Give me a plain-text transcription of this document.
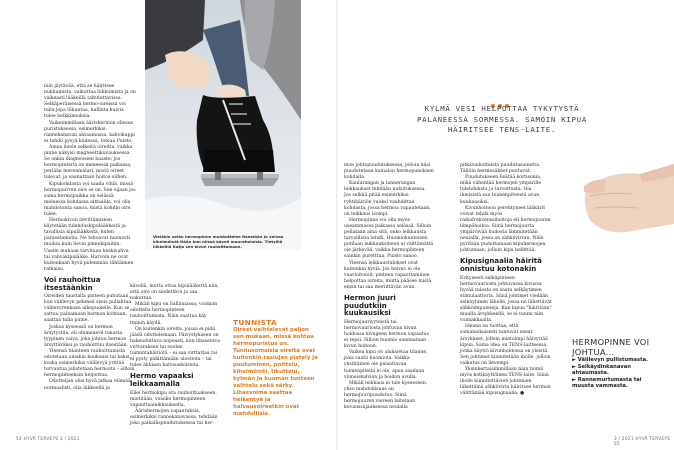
Vieläkin selän hermopinne muistuttelee itsestään ja vaivaa kihelmöivät itään kun niissä käveli muuraholaisia. Tietyillä liikkeillä Katja sen kivun rauhoittamaan.

niin jäytävää, että se häiritsee nukkumista, vaikuttaa liikkumista ja on vaikeasti lääkeillä taltutettavissa. Selkäperäisessä hermo-oireissa voi tulla jopa liikuntaa, hallinta kuivia tulee helkkineuksia.

Vaikeimmillaan äärishermon ollessa puristuksessa, esimerkiksi rannekanavan ahtaumassa, kahvikuppi ei tahdo pysyä kädessä, toteaa Puisto.

Ainoa itsele selkeitä oireitta, vaikka pinne näkyisi magneettikuvauksessa. Se onkin diagnoosien haaste: jos hermopinteitä on meneessä paikassa, periään merenmalari, mistä oireet tulevat, ja saunattaan hoitoa siihen.

Kipukohdasta voi saada vihiä, missä hermopuirren oire se on. Sen sijaan jos sama hermopuikka on selässä meinessa kohdassa alttaaiila, voi olla mahdotonta sanoa, mistä kohdin oire tulee.

Hermokivun lievittämiseen käytetään tulehduskipulääkkeitä ja tavallisia kipulääkkeitä, kuten parasetamolia. Ne tehoavat huonosti muihin kuin lievin pinnekipuihin. Useim mukaan tarvitaan keskivahva tai vahvakipulääke. Harvoin ne ovat kuitenkaan hyvä pidemmän tähtäimen ratkaisu.

Voi rauhoittua itsestäänkin

Oireiden taustalla pinteen puhutaan, kun välilevyn pehmeä sisus pullahtaa välilevyrenkaan ulkopuolelle. Kun se sattuu painamaan hermon kohtaan, saattaa tulla pinne.

Joskus kyseessä on hermon ärsytystila, eli ohimenevä tukasta tyypinen vaiva, joka johtuu hermon ärsyttäväksi ja rauhoittuu itsestään.

Yleensä tilanteen rauhoittumista odotetaan ainakin kuukausi tai kaksi, koska esimerkiksi välilevyä yrittää turvautua julistetaan hermoita – silloin hermopinteeksin helpottua.

Odotteljan olisi hyvä jatkaa elämää normaalisti, olla liikkeellä ja

kävellä, mutta ottaa kipulääkettä niin, että oire on siedettävä ja saa nukuttua.

Mikäli kipu on hallinnassa, voidaan odottella hermopinteen rauhoittumista. Näin saattaa käy tminin käydä.

On kuitenkin oireita, joissa ei pidä jäädä odottelemaan. Päivystykseen on hakeuduttava nopeasti, kun lihasentva virttaraksen tai suolen toimintahäiriötä – ei saa virttattaa tai ei pysty pidättämään ulosteita – tai tulee äkkisen halvauskoireita.

Hermo vapaaksi leikkaamalla

Ellei hermokipu ota rauhoittuakseen, mietitään, voisiko hermopinteen vapauttaaleikkauksella.

Äärishermojen vapautuksia, esimerkiksi rannekanavassa, tehdään joko paikallispuudutuksessa tai her-

TUNNISTA
Oireet vaihtelevat paljon sen mukaan, missä kohtaa hermopuristus on. Tunnusomaisia oireita ovat kuitenkin rasiujen pistely ja puutuminen, polttelu, kihelmöinti, tikuttelu, kylmän ja kuuman tunteen vaihtelu sekä särky. Lihasvoima saattaa heikentyä ja halvausoireetkin ovat mahdollisia.
54 HYVÄ TERVEYS 3 / 2021
KYLMÄ VESI HELPOTTAA TYKYTYSTÄ PALANEESSA SORMESSA. SAMOIN KIPUA HÄIRITSEE TENS-LAITE.

mon johtopuudutuksessa, jolloin käsi puudutetaan kainalon hermopunoksen kohdalla.

Kaularangan ja lannerangan leikkaukset tehdään nukutuksessa. Jos selkää pitää esimerkiksi ryhtihäiriön vuoksi vauhdittaa kohdasta, jossa hermoa vapautetaan, on leikkaus isompi.

Hermopinne voi olla myös useammassa paikassa selässä. Silloin pellataan aina sitä, onko leikkausta tarvaillista tehdä. Huomiokuntoisen potilaan leikkauksineen ei välttämättä ole järkevää, vaikka hermopinteen sainkin puretttua, Puisto sanoo.

Yleensä leikkaustulokset ovat kuitenkin hyviä. Jos hermo ei ole vaurioitunut, pinteen vapauttaminen helpottaa oireita, mutta pääsee mistä ensin tai saa meriittävän avun.

Hermon juuri puudutkiin kuukausiksi

Hermojuuriyyteistä tai hermovauriosta johtuvan kivun hoidossa kivugeen hermon vapautus ei tepsi. Silloin huomio suunnataan kivun hoitoon.

Vaikea kipu on aluksietaa tilanne, joka vaatii huomiota. Vaikka yksittäinen ole paisattavaa toimenpiteitä ei ole, apua saadaan viimeiskalvion ja hoidon avulla.

Mikäli leikkaus ei tule kyseeseen, ykso mahdollisuus on hermojuuripuudutus. Siinä hermojuuren viereen laitetaan kuvaussäjaaksessa neulalla

pitkävaikutteista puudutusainetta. Tällöin hermosäkeet puutuvat.

Puudutukseen lisätää kortisonia, mikä vähentää hermojen ympärille tulehduksta ja turvottusta. Oia ihmisistä saa toimenpiteestä avun kuukausiksi.

Kivunhoitoon perehtyneet lääkärit voivat tehdä myös radiofrekvenssihoitoja eli hermojuuren lämpöhoitoa. Siinä hermojuurta ympäröivää kudosta lämmitetään neulalla, jossa on sähkövirran. Näin pyritään pudottamaan kipuhermojen johtumaan, jolloin kipu hellittää.

Kipusignaalia häiritä onnistuu kotonakin

Erityisesti selkäpinteen hermovauriosta johtuvassa kivussa hyvää tulosta on saatu selkäytimen stimulaattoria. Siinä johtimet viedään selkäytimen lähelle, jossa ne lähettävät sähköimpulsseja. Kun kipua "häiritään" muulla ärsykkeellä, se ei tunnu niin voimakkaalta.

Ideana on tuottaa, että samanaikaisesti tuntuvat useat ärsykkeet, jolloin mietoimpi häivyttää kipua. Sama idea on TENS-laitteessa, jonka käyttö kivunhoidossa on yleistä. Sen johtimet kiinnitetään iholle, jolloin vaikutus on lievempi.

Yksinkertaisimmillaan näin toimii myös kotikäyttöinen TENS-laite. Siinä iholle kiinnitettävien johtimien lähettämä sähkövirta häiritsee hermon välittämää kipusignaalia. ●

HERMOPINNE VOI JOHTUA...
► Välilevyn pullistumasta.
► Selkäydinkanavan ahtaumasta.
► Rannemurtumasta tai muusta vammasta.
3 / 2021 HYVÄ TERVEYS 55
